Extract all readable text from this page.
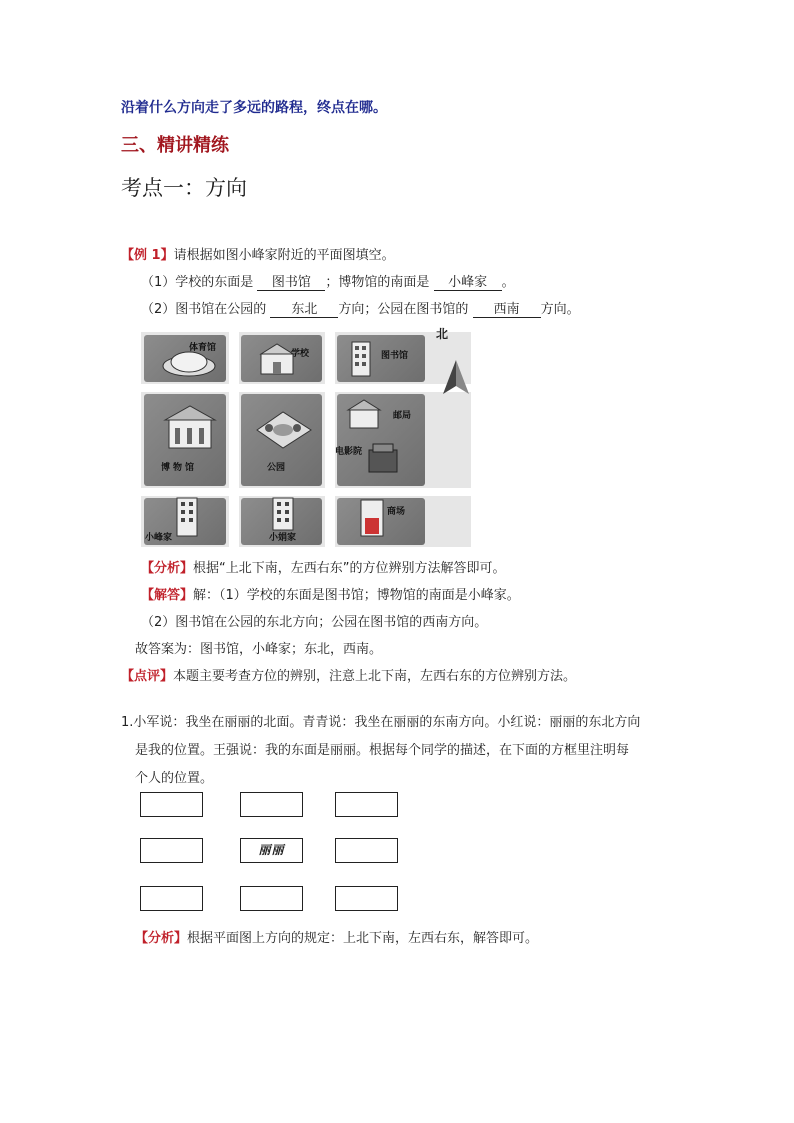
沿着什么方向走了多远的路程，终点在哪。
三、精讲精练
考点一：方向
【例 1】请根据如图小峰家附近的平面图填空。
（1）学校的东面是 图书馆 ；博物馆的南面是 小峰家 。
（2）图书馆在公园的 东北 方向；公园在图书馆的 西南 方向。
体育馆
学校	图书馆
博物馆	公园
邮局
电影院
小峰家	小娟家
商场
北
【分析】根据“上北下南，左西右东”的方位辨别方法解答即可。
【解答】解：（1）学校的东面是图书馆；博物馆的南面是小峰家。
（2）图书馆在公园的东北方向；公园在图书馆的西南方向。
故答案为：图书馆，小峰家；东北，西南。
【点评】本题主要考查方位的辨别，注意上北下南，左西右东的方位辨别方法。
1.小军说：我坐在丽丽的北面。青青说：我坐在丽丽的东南方向。小红说：丽丽的东北方向
是我的位置。王强说：我的东面是丽丽。根据每个同学的描述，在下面的方框里注明每
个人的位置。
丽丽
【分析】根据平面图上方向的规定：上北下南，左西右东，解答即可。
